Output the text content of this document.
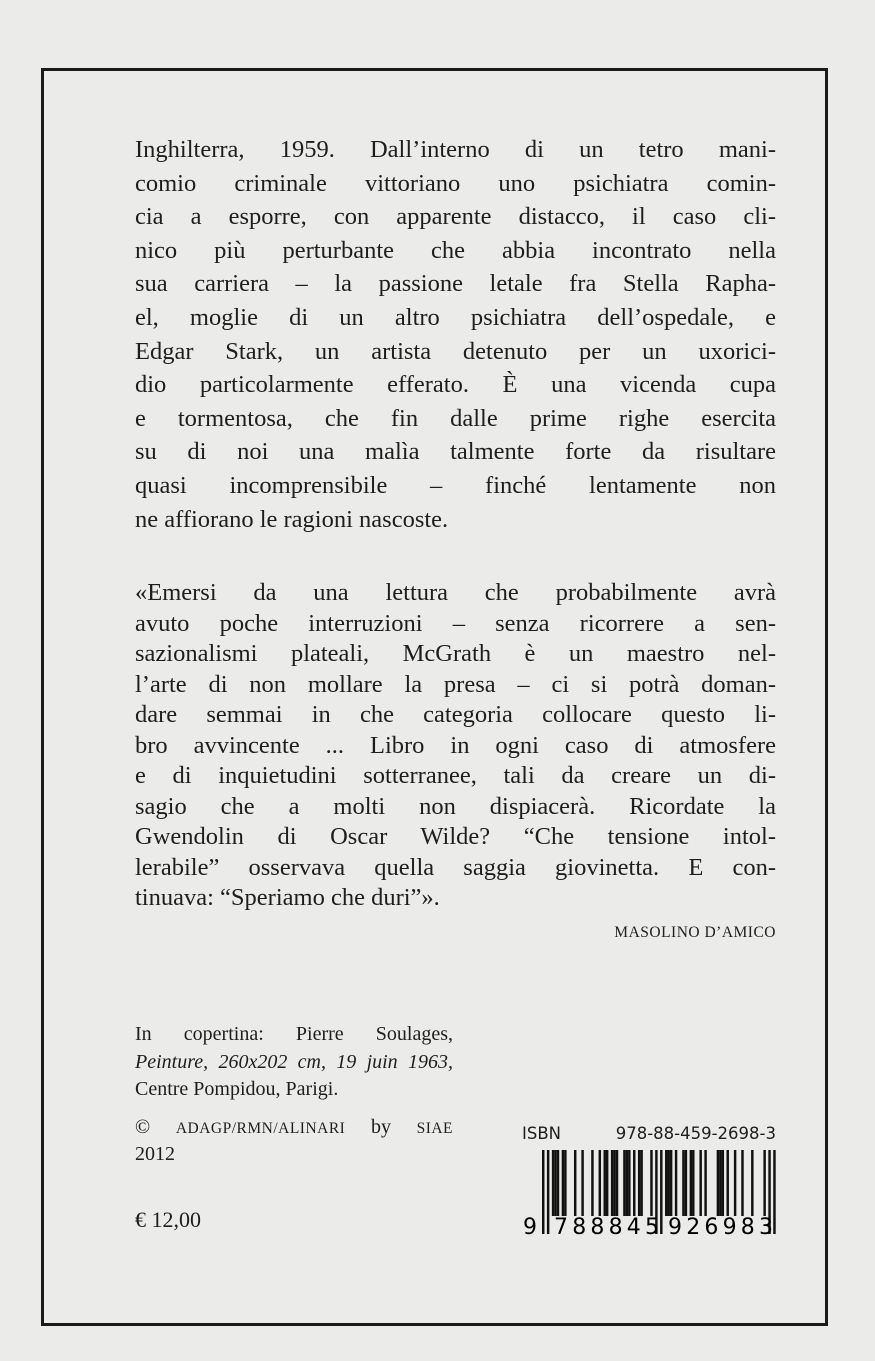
Inghilterra, 1959. Dall’interno di un tetro mani-
comio criminale vittoriano uno psichiatra comin-
cia a esporre, con apparente distacco, il caso cli-
nico più perturbante che abbia incontrato nella
sua carriera – la passione letale fra Stella Rapha-
el, moglie di un altro psichiatra dell’ospedale, e
Edgar Stark, un artista detenuto per un uxorici-
dio particolarmente efferato. È una vicenda cupa
e tormentosa, che fin dalle prime righe esercita
su di noi una malìa talmente forte da risultare
quasi incomprensibile – finché lentamente non
ne affiorano le ragioni nascoste.
«Emersi da una lettura che probabilmente avrà
avuto poche interruzioni – senza ricorrere a sen-
sazionalismi plateali, McGrath è un maestro nel-
l’arte di non mollare la presa – ci si potrà doman-
dare semmai in che categoria collocare questo li-
bro avvincente ... Libro in ogni caso di atmosfere
e di inquietudini sotterranee, tali da creare un di-
sagio che a molti non dispiacerà. Ricordate la
Gwendolin di Oscar Wilde? “Che tensione intol-
lerabile” osservava quella saggia giovinetta. E con-
tinuava: “Speriamo che duri”».
MASOLINO D’AMICO
In copertina: Pierre Soulages,
Peinture, 260x202 cm, 19 juin 1963,
Centre Pompidou, Parigi.
© ADAGP/RMN/ALINARI by SIAE
2012
€ 12,00
ISBN 978-88-459-2698-3
9 788845 926983
